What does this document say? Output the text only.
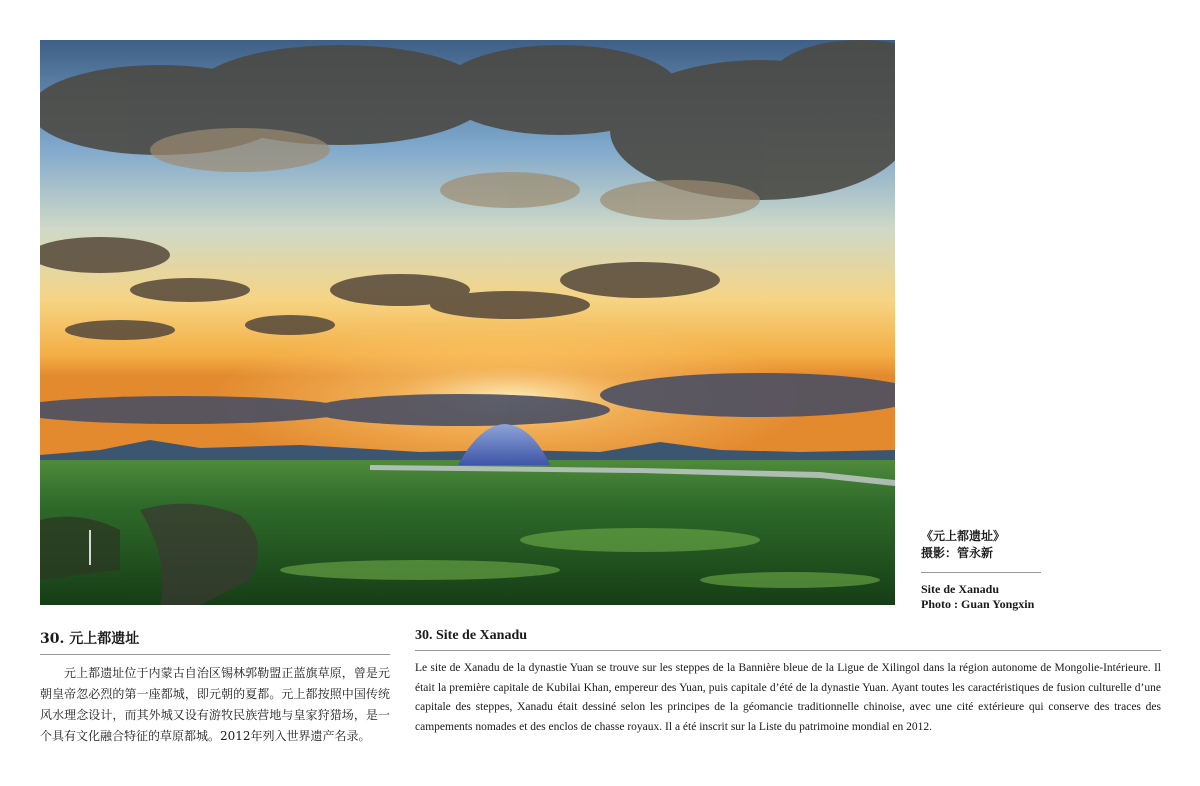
《元上都遗址》
摄影：管永新
Site de Xanadu
Photo : Guan Yongxin
30. 元上都遗址

元上都遗址位于内蒙古自治区锡林郭勒盟正蓝旗草原，曾是元朝皇帝忽必烈的第一座都城，即元朝的夏都。元上都按照中国传统风水理念设计，而其外城又设有游牧民族营地与皇家狩猎场，是一个具有文化融合特征的草原都城。2012年列入世界遗产名录。

30. Site de Xanadu

Le site de Xanadu de la dynastie Yuan se trouve sur les steppes de la Bannière bleue de la Ligue de Xilingol dans la région autonome de Mongolie-Intérieure. Il était la première capitale de Kubilai Khan, empereur des Yuan, puis capitale d’été de la dynastie Yuan. Ayant toutes les caractéristiques de fusion culturelle d’une capitale des steppes, Xanadu était dessiné selon les principes de la géomancie traditionnelle chinoise, avec une cité extérieure qui conserve des traces des campements nomades et des enclos de chasse royaux. Il a été inscrit sur la Liste du patrimoine mondial en 2012.
